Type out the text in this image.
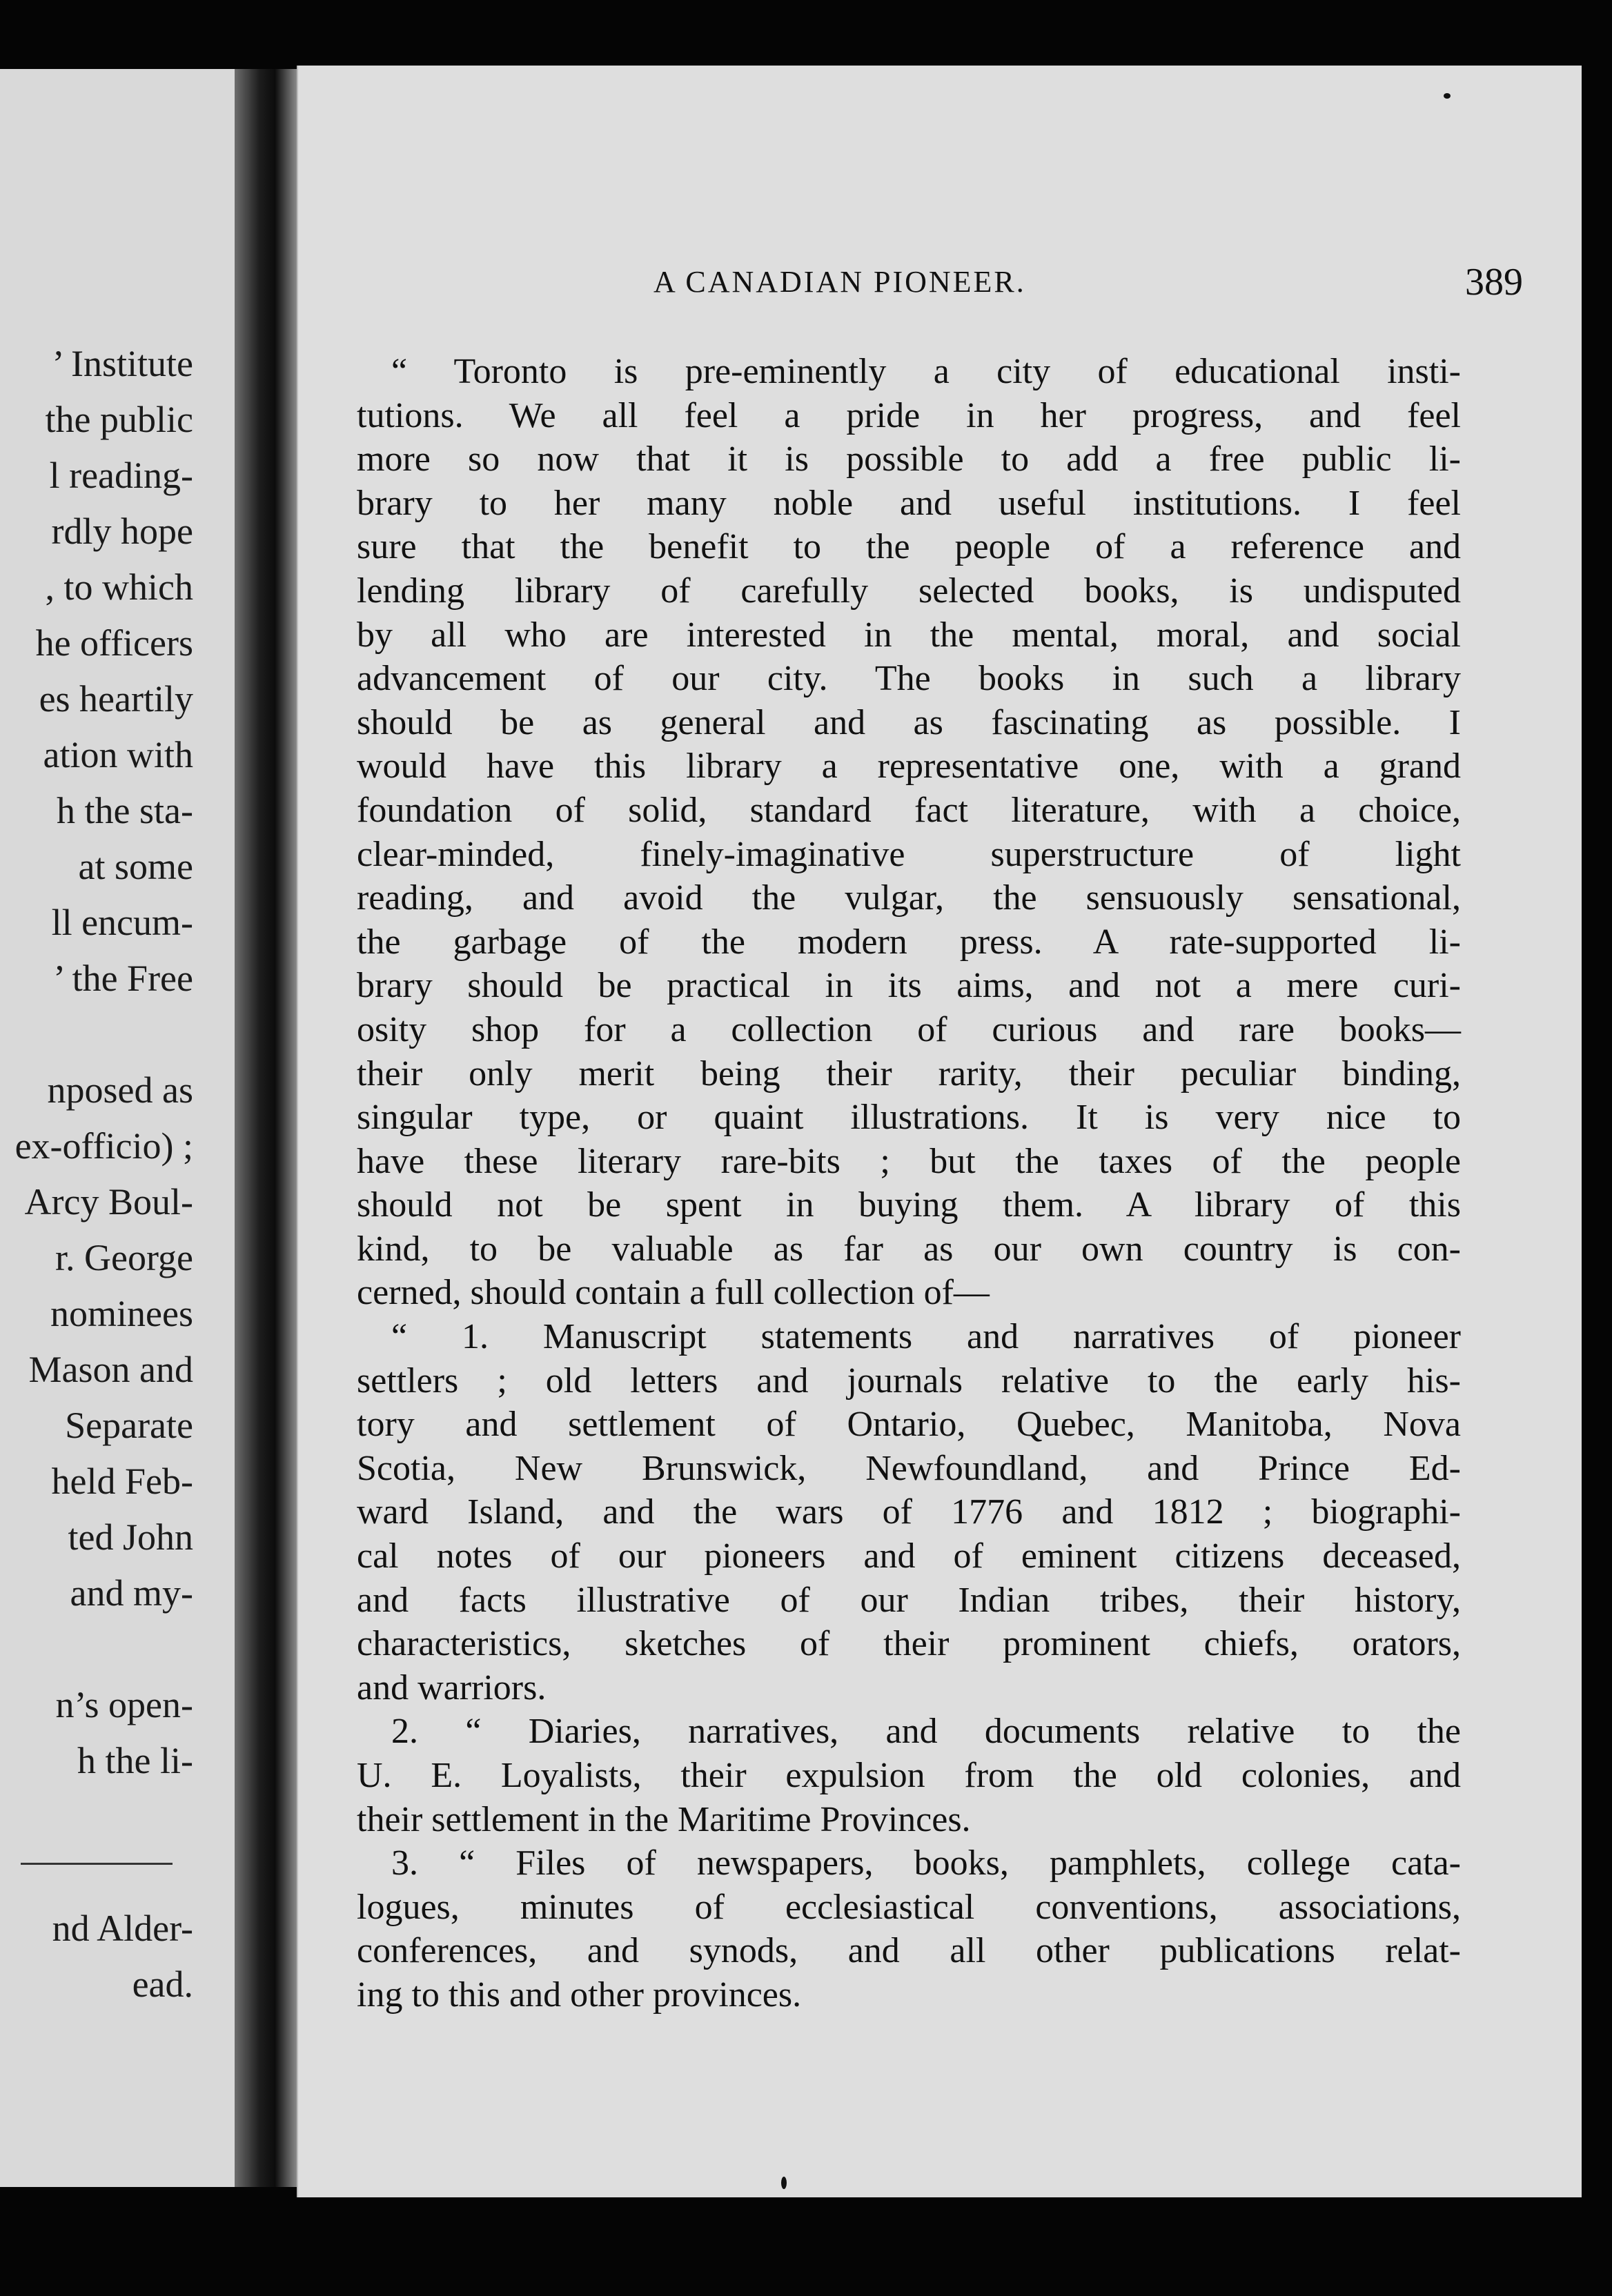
’ Institute
the public
l reading-
rdly hope
, to which
he officers
es heartily
ation with
h the sta-
at some
ll encum-
’ the Free
nposed as
ex-officio) ;
Arcy Boul-
r. George
nominees
Mason and
Separate
held Feb-
ted John
and my-
n’s open-
h the li-
nd Alder-
ead.
A CANADIAN PIONEER.	389
“ Toronto is pre-eminently a city of educational insti-
tutions. We all feel a pride in her progress, and feel
more so now that it is possible to add a free public li-
brary to her many noble and useful institutions. I feel
sure that the benefit to the people of a reference and
lending library of carefully selected books, is undisputed
by all who are interested in the mental, moral, and social
advancement of our city. The books in such a library
should be as general and as fascinating as possible. I
would have this library a representative one, with a grand
foundation of solid, standard fact literature, with a choice,
clear-minded, finely-imaginative superstructure of light
reading, and avoid the vulgar, the sensuously sensational,
the garbage of the modern press. A rate-supported li-
brary should be practical in its aims, and not a mere curi-
osity shop for a collection of curious and rare books—
their only merit being their rarity, their peculiar binding,
singular type, or quaint illustrations. It is very nice to
have these literary rare-bits ; but the taxes of the people
should not be spent in buying them. A library of this
kind, to be valuable as far as our own country is con-
cerned, should contain a full collection of—
“ 1. Manuscript statements and narratives of pioneer
settlers ; old letters and journals relative to the early his-
tory and settlement of Ontario, Quebec, Manitoba, Nova
Scotia, New Brunswick, Newfoundland, and Prince Ed-
ward Island, and the wars of 1776 and 1812 ; biographi-
cal notes of our pioneers and of eminent citizens deceased,
and facts illustrative of our Indian tribes, their history,
characteristics, sketches of their prominent chiefs, orators,
and warriors.
2. “ Diaries, narratives, and documents relative to the
U. E. Loyalists, their expulsion from the old colonies, and
their settlement in the Maritime Provinces.
3. “ Files of newspapers, books, pamphlets, college cata-
logues, minutes of ecclesiastical conventions, associations,
conferences, and synods, and all other publications relat-
ing to this and other provinces.
